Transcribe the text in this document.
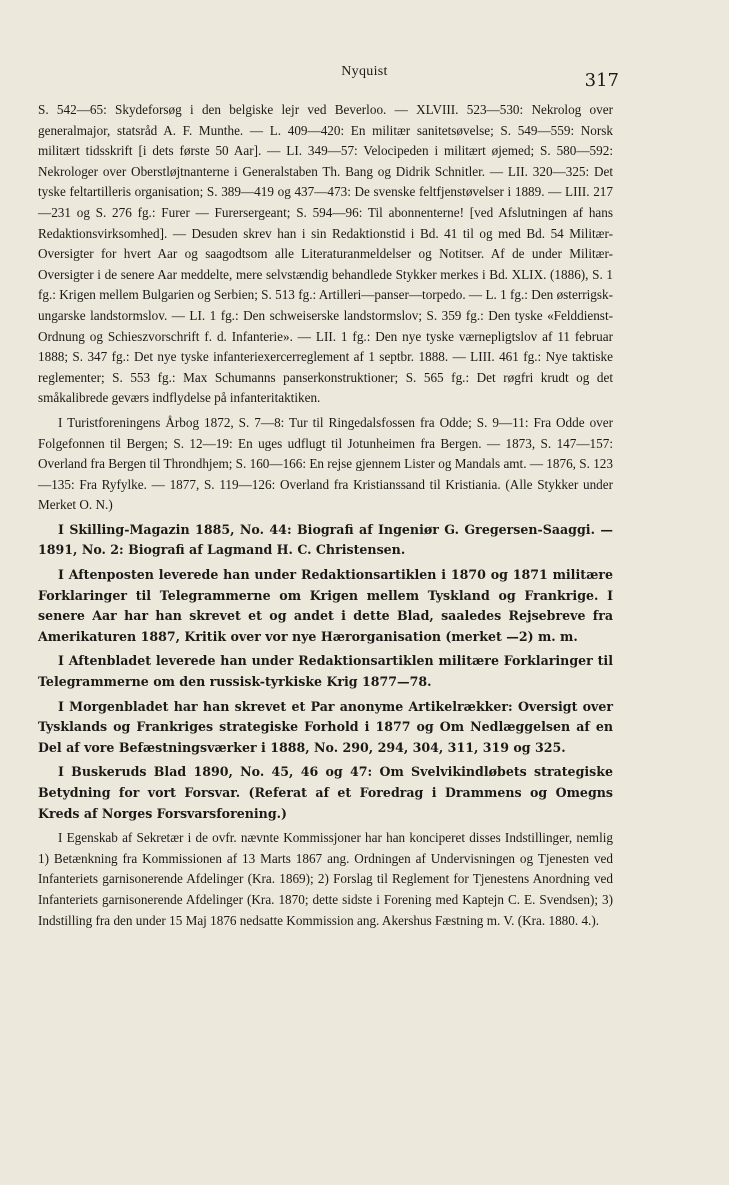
Nyquist	317

S. 542—65: Skydeforsøg i den belgiske lejr ved Beverloo. — XLVIII. 523—530: Nekrolog over generalmajor, statsråd A. F. Munthe. — L. 409—420: En militær sanitetsøvelse; S. 549—559: Norsk militært tidsskrift [i dets første 50 Aar]. — LI. 349—57: Velocipeden i militært øjemed; S. 580—592: Nekrologer over Oberstløjtnanterne i Generalstaben Th. Bang og Didrik Schnitler. — LII. 320—325: Det tyske feltartilleris organisation; S. 389—419 og 437—473: De svenske feltfjenstøvelser i 1889. — LIII. 217—231 og S. 276 fg.: Furer — Furersergeant; S. 594—96: Til abonnenterne! [ved Afslutningen af hans Redaktionsvirksomhed]. — Desuden skrev han i sin Redaktionstid i Bd. 41 til og med Bd. 54 Militær-Oversigter for hvert Aar og saagodtsom alle Literaturanmeldelser og Notitser. Af de under Militær-Oversigter i de senere Aar meddelte, mere selvstændig behandlede Stykker merkes i Bd. XLIX. (1886), S. 1 fg.: Krigen mellem Bulgarien og Serbien; S. 513 fg.: Artilleri—panser—torpedo. — L. 1 fg.: Den østerrigsk-ungarske landstormslov. — LI. 1 fg.: Den schweiserske landstormslov; S. 359 fg.: Den tyske «Felddienst-Ordnung og Schieszvorschrift f. d. Infanterie». — LII. 1 fg.: Den nye tyske værnepligtslov af 11 februar 1888; S. 347 fg.: Det nye tyske infanteriexercerreglement af 1 septbr. 1888. — LIII. 461 fg.: Nye taktiske reglementer; S. 553 fg.: Max Schumanns panserkonstruktioner; S. 565 fg.: Det røgfri krudt og det småkalibrede geværs indflydelse på infanteritaktiken.

I Turistforeningens Årbog 1872, S. 7—8: Tur til Ringedalsfossen fra Odde; S. 9—11: Fra Odde over Folgefonnen til Bergen; S. 12—19: En uges udflugt til Jotunheimen fra Bergen. — 1873, S. 147—157: Overland fra Bergen til Throndhjem; S. 160—166: En rejse gjennem Lister og Mandals amt. — 1876, S. 123—135: Fra Ryfylke. — 1877, S. 119—126: Overland fra Kristianssand til Kristiania. (Alle Stykker under Merket O. N.)

I Skilling-Magazin 1885, No. 44: Biografi af Ingeniør G. Gregersen-Saaggi. — 1891, No. 2: Biografi af Lagmand H. C. Christensen.

I Aftenposten leverede han under Redaktionsartiklen i 1870 og 1871 militære Forklaringer til Telegrammerne om Krigen mellem Tyskland og Frankrige. I senere Aar har han skrevet et og andet i dette Blad, saaledes Rejsebreve fra Amerikaturen 1887, Kritik over vor nye Hærorganisation (merket —2) m. m.

I Aftenbladet leverede han under Redaktionsartiklen militære Forklaringer til Telegrammerne om den russisk-tyrkiske Krig 1877—78.

I Morgenbladet har han skrevet et Par anonyme Artikelrækker: Oversigt over Tysklands og Frankriges strategiske Forhold i 1877 og Om Nedlæggelsen af en Del af vore Befæstningsværker i 1888, No. 290, 294, 304, 311, 319 og 325.

I Buskeruds Blad 1890, No. 45, 46 og 47: Om Svelvikindløbets strategiske Betydning for vort Forsvar. (Referat af et Foredrag i Drammens og Omegns Kreds af Norges Forsvarsforening.)

I Egenskab af Sekretær i de ovfr. nævnte Kommissjoner har han konciperet disses Indstillinger, nemlig 1) Betænkning fra Kommissionen af 13 Marts 1867 ang. Ordningen af Undervisningen og Tjenesten ved Infanteriets garnisonerende Afdelinger (Kra. 1869); 2) Forslag til Reglement for Tjenestens Anordning ved Infanteriets garnisonerende Afdelinger (Kra. 1870; dette sidste i Forening med Kaptejn C. E. Svendsen); 3) Indstilling fra den under 15 Maj 1876 nedsatte Kommission ang. Akershus Fæstning m. V. (Kra. 1880. 4.).
